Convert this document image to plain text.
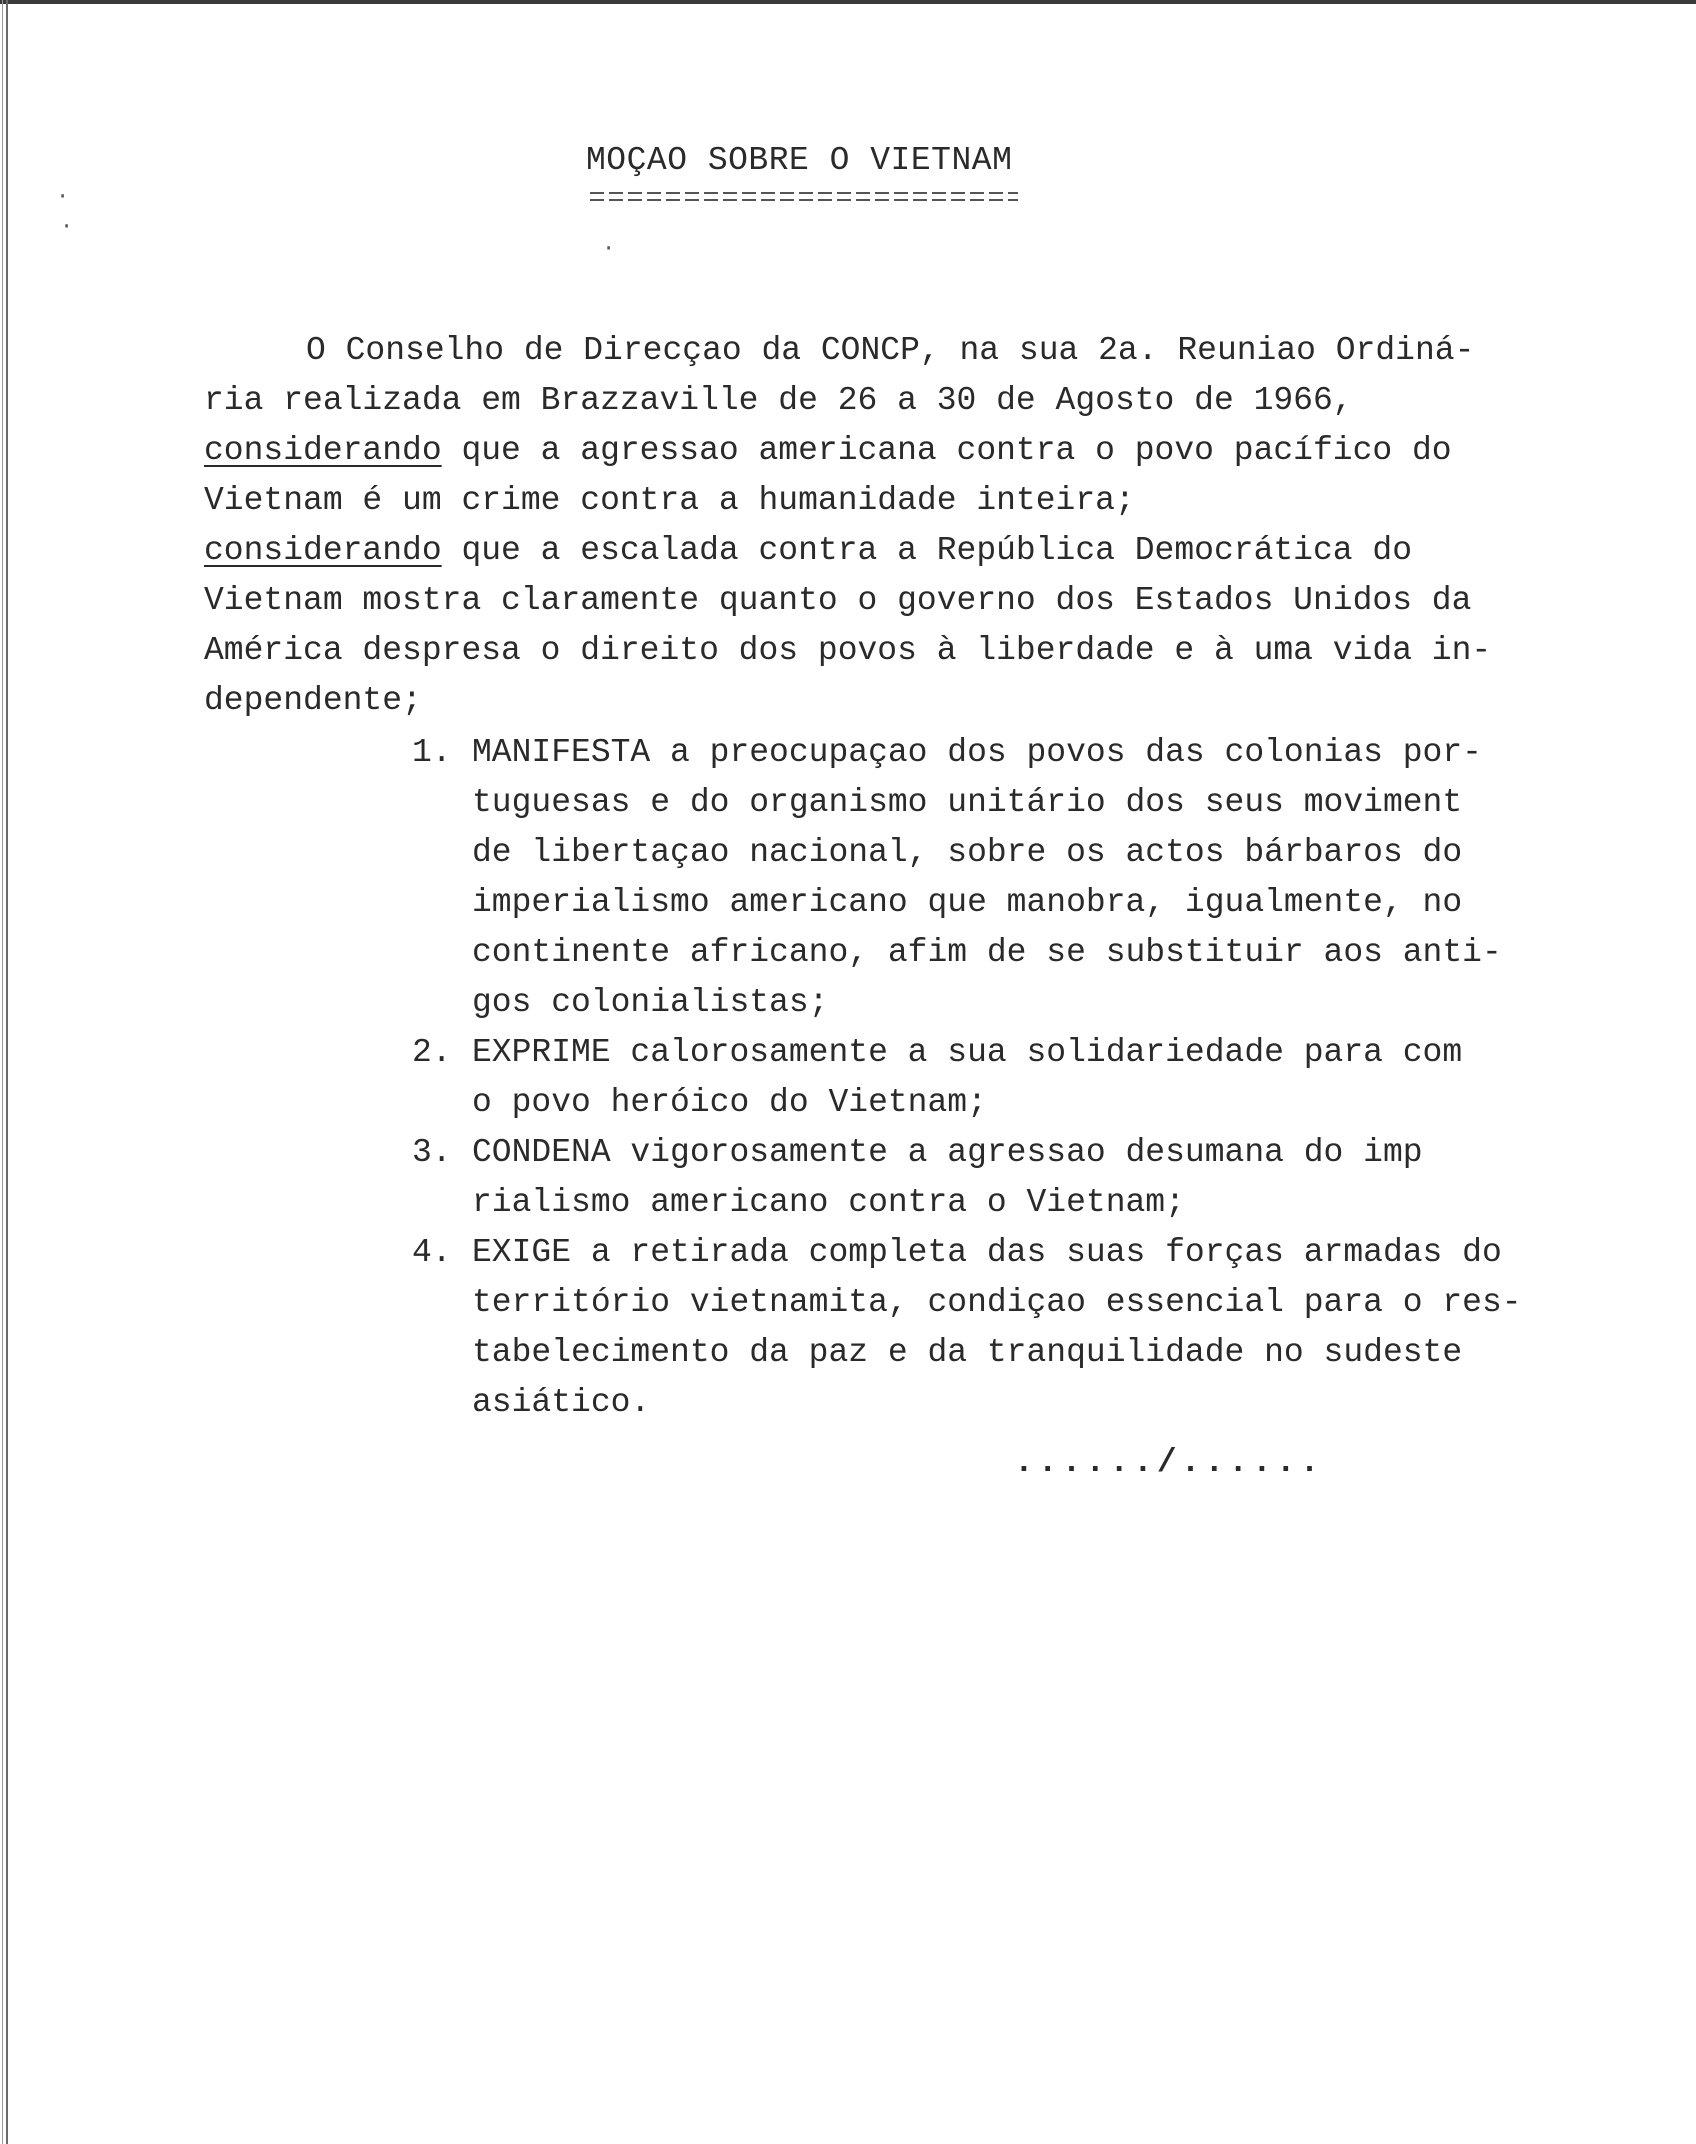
·
·
·
MOÇAO SOBRE O VIETNAM
O Conselho de Direcçao da CONCP, na sua 2a. Reuniao Ordiná-
ria realizada em Brazzaville de 26 a 30 de Agosto de 1966,
considerando que a agressao americana contra o povo pacífico do
Vietnam é um crime contra a humanidade inteira;
considerando que a escalada contra a República Democrática do
Vietnam mostra claramente quanto o governo dos Estados Unidos da
América despresa o direito dos povos à liberdade e à uma vida in-
dependente;
1. MANIFESTA a preocupaçao dos povos das colonias por-
tuguesas e do organismo unitário dos seus moviment
de libertaçao nacional, sobre os actos bárbaros do
imperialismo americano que manobra, igualmente, no
continente africano, afim de se substituir aos anti-
gos colonialistas;
2. EXPRIME calorosamente a sua solidariedade para com
o povo heróico do Vietnam;
3. CONDENA vigorosamente a agressao desumana do imp
rialismo americano contra o Vietnam;
4. EXIGE a retirada completa das suas forças armadas do
território vietnamita, condiçao essencial para o res-
tabelecimento da paz e da tranquilidade no sudeste
asiático.
....../......
